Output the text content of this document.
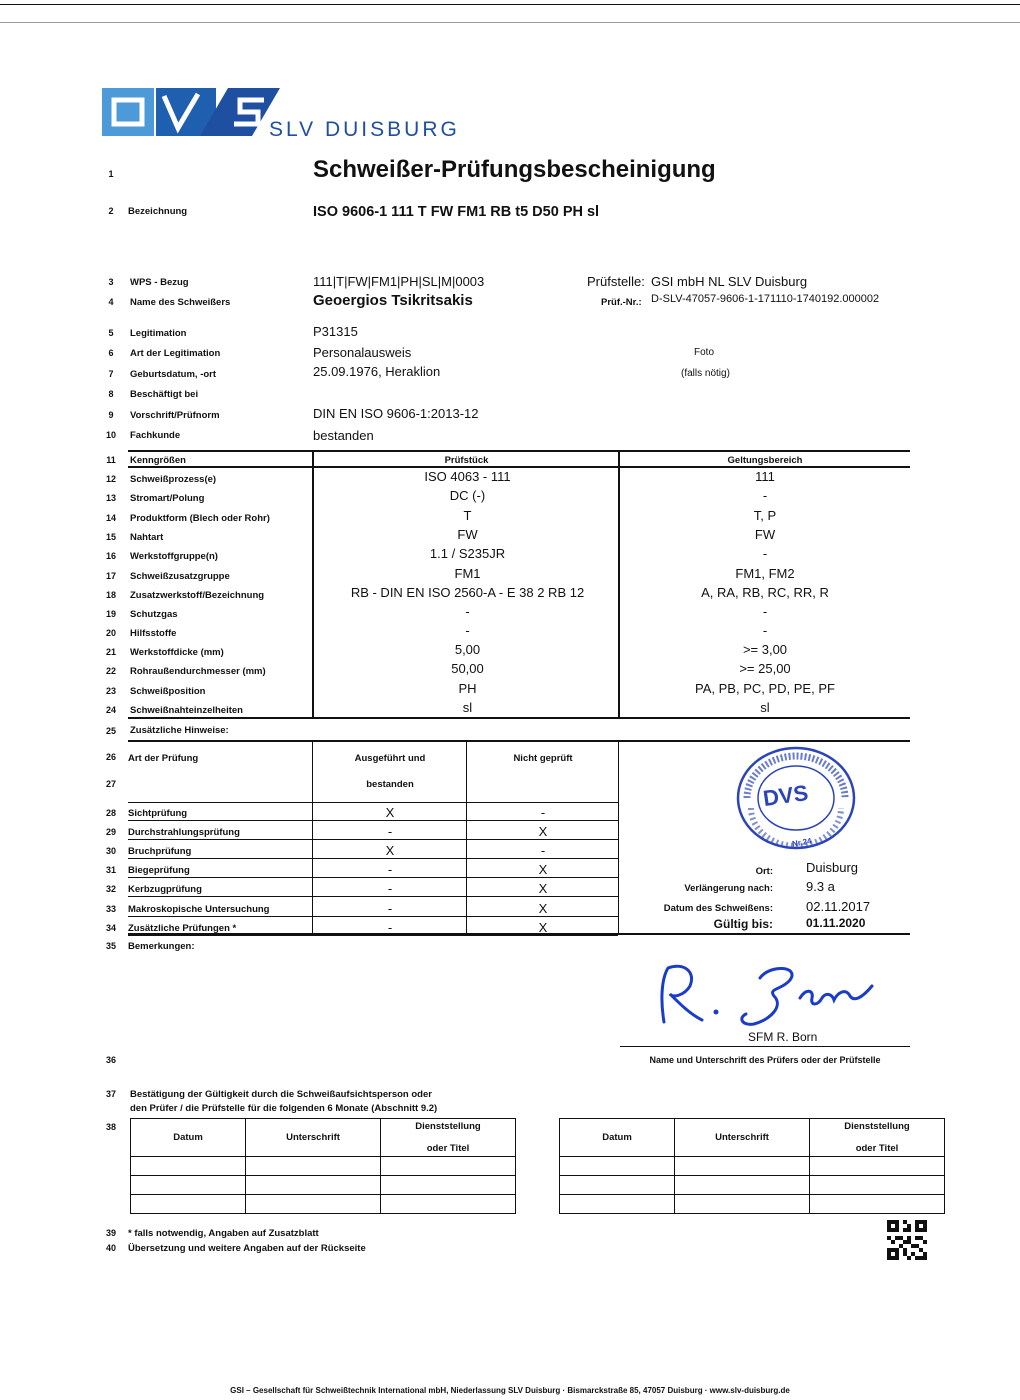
SLV DUISBURG
1	Schweißer-Prüfungsbescheinigung
2	Bezeichnung	ISO 9606-1 111 T FW FM1 RB t5 D50 PH sl
3	WPS - Bezug	111|T|FW|FM1|PH|SL|M|0003	Prüfstelle: GSI mbH NL SLV Duisburg
4	Name des Schweißers	Geoergios Tsikritsakis	Prüf.-Nr.: D-SLV-47057-9606-1-171110-1740192.000002
5	Legitimation	P31315
6	Art der Legitimation	Personalausweis	Foto
7	Geburtsdatum, -ort	25.09.1976, Heraklion	(falls nötig)
8	Beschäftigt bei
9	Vorschrift/Prüfnorm	DIN EN ISO 9606-1:2013-12
10	Fachkunde	bestanden
11	Kenngrößen	Prüfstück	Geltungsbereich
12	Schweißprozess(e)	ISO 4063 - 111	111
13	Stromart/Polung	DC (-)	-
14	Produktform (Blech oder Rohr)	T	T, P
15	Nahtart	FW	FW
16	Werkstoffgruppe(n)	1.1 / S235JR	-
17	Schweißzusatzgruppe	FM1	FM1, FM2
18	Zusatzwerkstoff/Bezeichnung	RB - DIN EN ISO 2560-A - E 38 2 RB 12	A, RA, RB, RC, RR, R
19	Schutzgas	-	-
20	Hilfsstoffe	-	-
21	Werkstoffdicke (mm)	5,00	>= 3,00
22	Rohraußendurchmesser (mm)	50,00	>= 25,00
23	Schweißposition	PH	PA, PB, PC, PD, PE, PF
24	Schweißnahteinzelheiten	sl	sl
25	Zusätzliche Hinweise:
26	Art der Prüfung	Ausgeführt und	Nicht geprüft
27	bestanden
28	Sichtprüfung	X	-
29	Durchstrahlungsprüfung	-	X
30	Bruchprüfung	X	-
31	Biegeprüfung	-	X
32	Kerbzugprüfung	-	X
33	Makroskopische Untersuchung	-	X
34	Zusätzliche Prüfungen *	-	X
DVS
Nr.24
Ort:	Duisburg
Verlängerung nach:	9.3 a
Datum des Schweißens:	02.11.2017
Gültig bis:	01.11.2020
35	Bemerkungen:
SFM R. Born
36	Name und Unterschrift des Prüfers oder der Prüfstelle
37	Bestätigung der Gültigkeit durch die Schweißaufsichtsperson oder
den Prüfer / die Prüfstelle für die folgenden 6 Monate (Abschnitt 9.2)
38
Datum	Unterschrift	Dienststellung

oder Titel

Datum	Unterschrift	Dienststellung

oder Titel

39	* falls notwendig, Angaben auf Zusatzblatt
40	Übersetzung und weitere Angaben auf der Rückseite
GSI – Gesellschaft für Schweißtechnik International mbH, Niederlassung SLV Duisburg · Bismarckstraße 85, 47057 Duisburg · www.slv-duisburg.de
